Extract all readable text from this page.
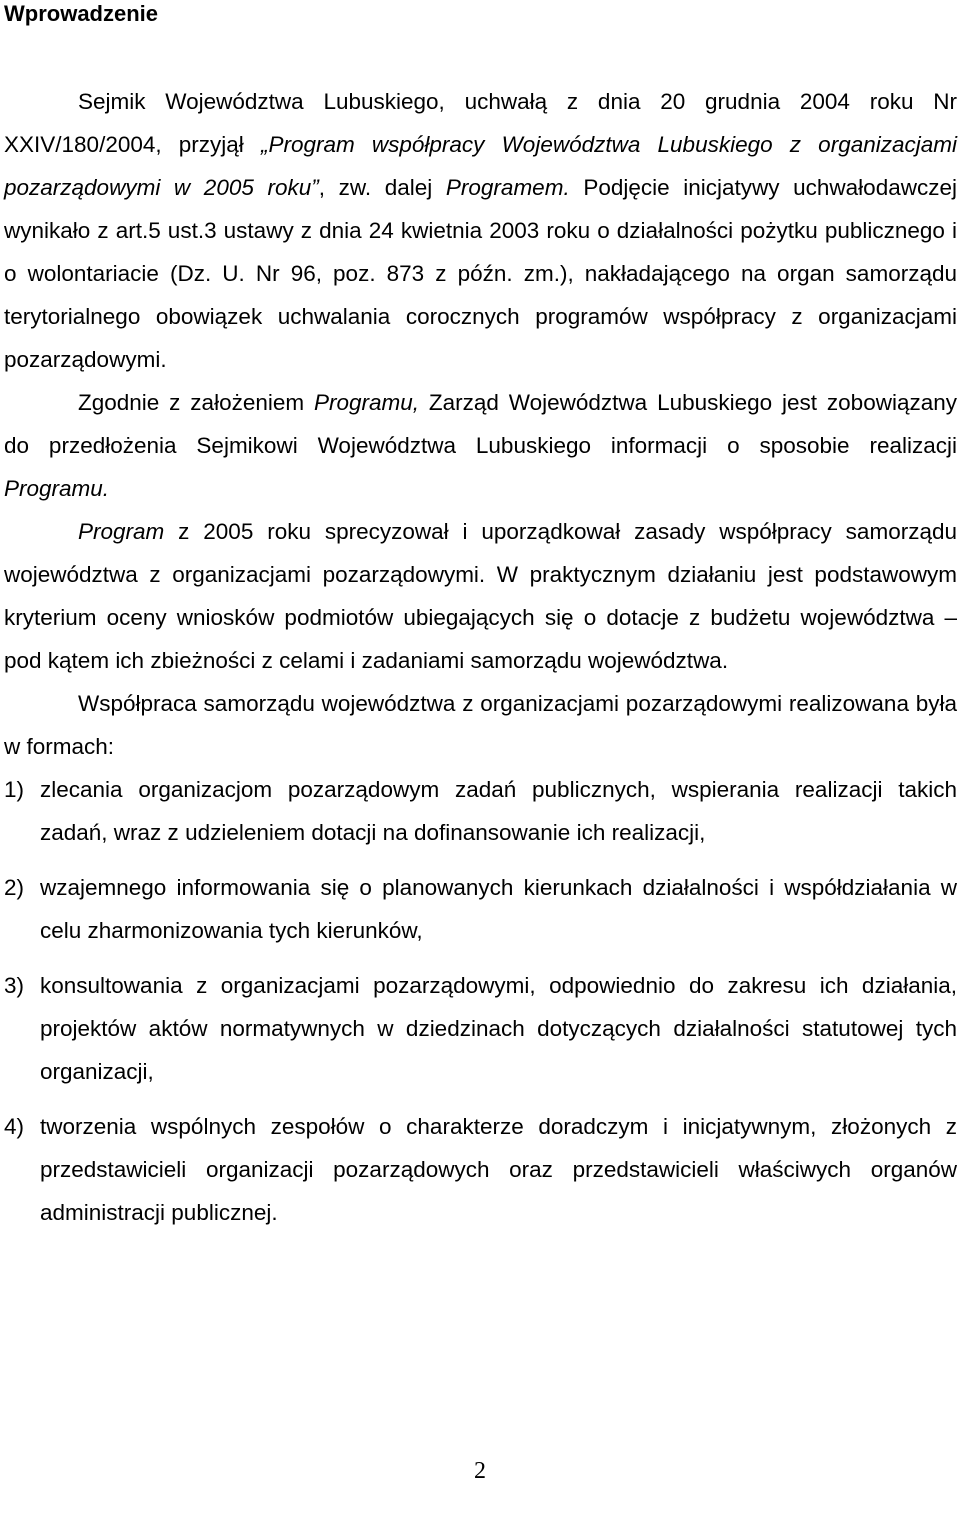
Wprowadzenie

Sejmik Województwa Lubuskiego, uchwałą z dnia 20 grudnia 2004 roku Nr XXIV/180/2004, przyjął „Program współpracy Województwa Lubuskiego z organizacjami pozarządowymi w 2005 roku”, zw. dalej Programem. Podjęcie inicjatywy uchwałodawczej wynikało z art.5 ust.3 ustawy z dnia 24 kwietnia 2003 roku o działalności pożytku publicznego i o wolontariacie (Dz. U. Nr 96, poz. 873 z późn. zm.), nakładającego na organ samorządu terytorialnego obowiązek uchwalania corocznych programów współpracy z organizacjami pozarządowymi.

Zgodnie z założeniem Programu, Zarząd Województwa Lubuskiego jest zobowiązany do przedłożenia Sejmikowi Województwa Lubuskiego informacji o sposobie realizacji Programu.

Program z 2005 roku sprecyzował i uporządkował zasady współpracy samorządu województwa z organizacjami pozarządowymi. W praktycznym działaniu jest podstawowym kryterium oceny wniosków podmiotów ubiegających się o dotacje z budżetu województwa – pod kątem ich zbieżności z celami i zadaniami samorządu województwa.

Współpraca samorządu województwa z organizacjami pozarządowymi realizowana była w formach:

1) zlecania organizacjom pozarządowym zadań publicznych, wspierania realizacji takich zadań, wraz z udzieleniem dotacji na dofinansowanie ich realizacji,
2) wzajemnego informowania się o planowanych kierunkach działalności i współdziałania w celu zharmonizowania tych kierunków,
3) konsultowania z organizacjami pozarządowymi, odpowiednio do zakresu ich działania, projektów aktów normatywnych w dziedzinach dotyczących działalności statutowej tych organizacji,
4) tworzenia wspólnych zespołów o charakterze doradczym i inicjatywnym, złożonych z przedstawicieli organizacji pozarządowych oraz przedstawicieli właściwych organów administracji publicznej.
2
